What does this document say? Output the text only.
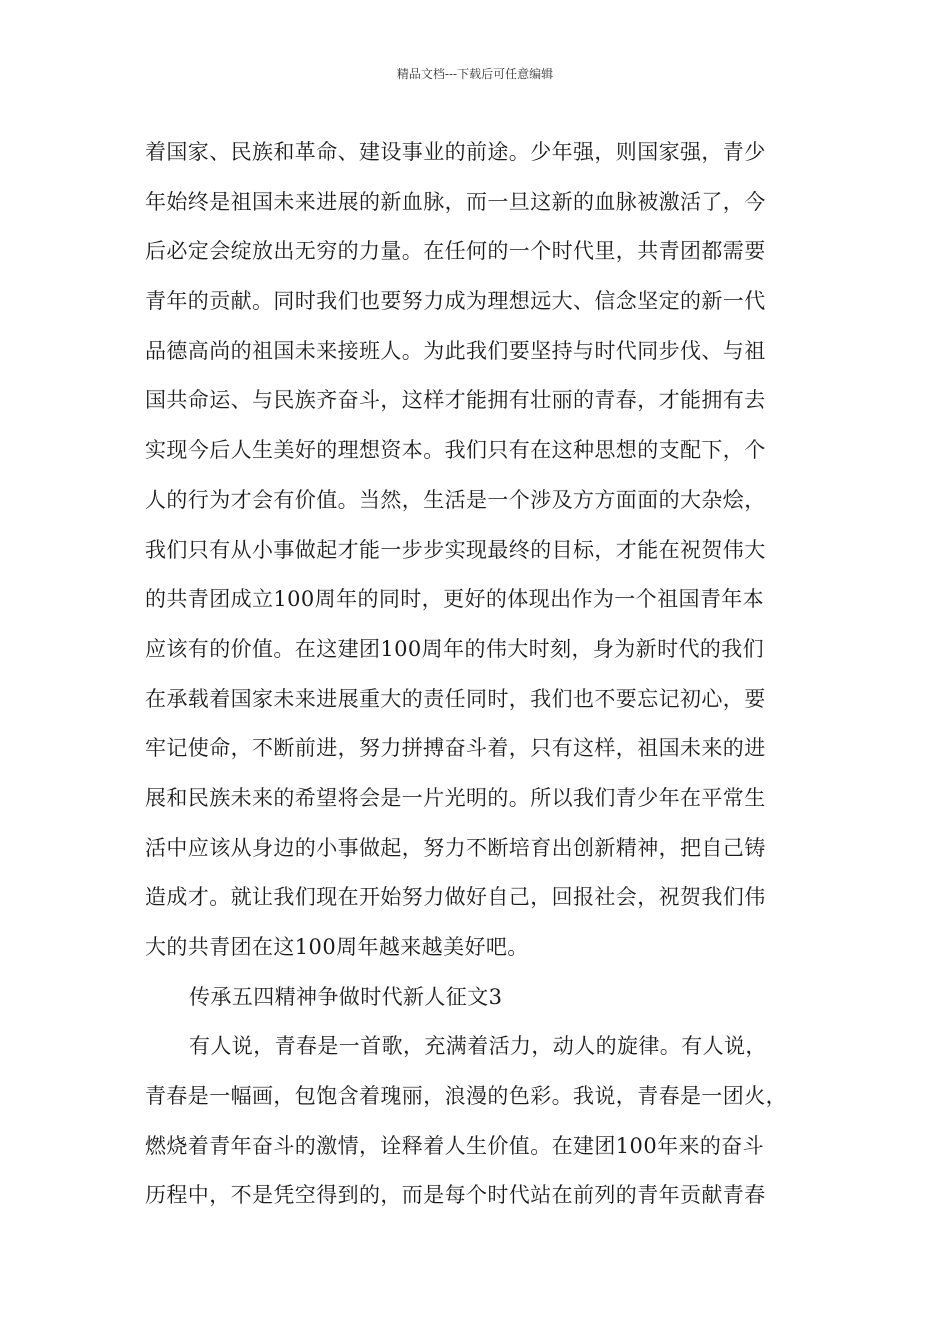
精品文档---下载后可任意编辑
着国家、民族和革命、建设事业的前途。少年强，则国家强，青少
年始终是祖国未来进展的新血脉，而一旦这新的血脉被激活了，今
后必定会绽放出无穷的力量。在任何的一个时代里，共青团都需要
青年的贡献。同时我们也要努力成为理想远大、信念坚定的新一代
品德高尚的祖国未来接班人。为此我们要坚持与时代同步伐、与祖
国共命运、与民族齐奋斗，这样才能拥有壮丽的青春，才能拥有去
实现今后人生美好的理想资本。我们只有在这种思想的支配下，个
人的行为才会有价值。当然，生活是一个涉及方方面面的大杂烩，
我们只有从小事做起才能一步步实现最终的目标，才能在祝贺伟大
的共青团成立100周年的同时，更好的体现出作为一个祖国青年本
应该有的价值。在这建团100周年的伟大时刻，身为新时代的我们
在承载着国家未来进展重大的责任同时，我们也不要忘记初心，要
牢记使命，不断前进，努力拼搏奋斗着，只有这样，祖国未来的进
展和民族未来的希望将会是一片光明的。所以我们青少年在平常生
活中应该从身边的小事做起，努力不断培育出创新精神，把自己铸
造成才。就让我们现在开始努力做好自己，回报社会，祝贺我们伟
大的共青团在这100周年越来越美好吧。
传承五四精神争做时代新人征文3
有人说，青春是一首歌，充满着活力，动人的旋律。有人说，
青春是一幅画，包饱含着瑰丽，浪漫的色彩。我说，青春是一团火，
燃烧着青年奋斗的激情，诠释着人生价值。在建团100年来的奋斗
历程中，不是凭空得到的，而是每个时代站在前列的青年贡献青春
